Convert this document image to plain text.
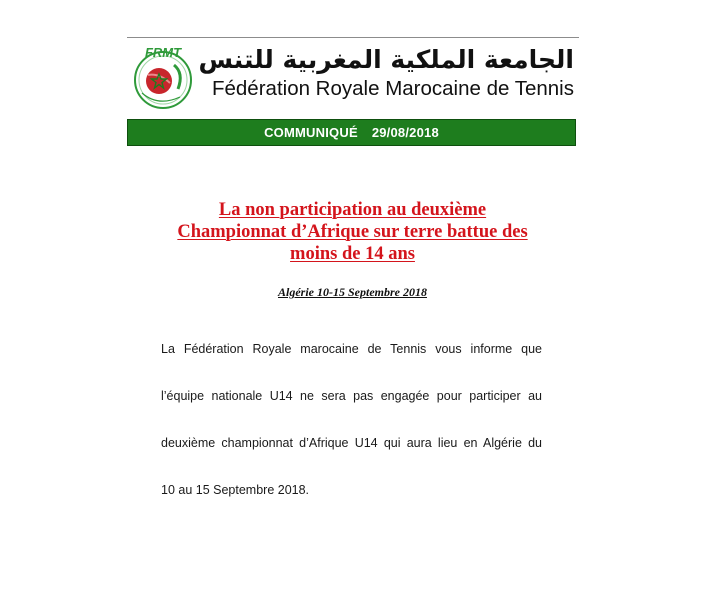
FRMT الجامعة الملكية المغربية للتنس
Fédération Royale Marocaine de Tennis
COMMUNIQUÉ 29/08/2018
La non participation au deuxième
Championnat d’Afrique sur terre battue des
moins de 14 ans
Algérie 10-15 Septembre 2018
La Fédération Royale marocaine de Tennis vous informe que
l’équipe nationale U14 ne sera pas engagée pour participer au
deuxième championnat d’Afrique U14 qui aura lieu en Algérie du
10 au 15 Septembre 2018.
